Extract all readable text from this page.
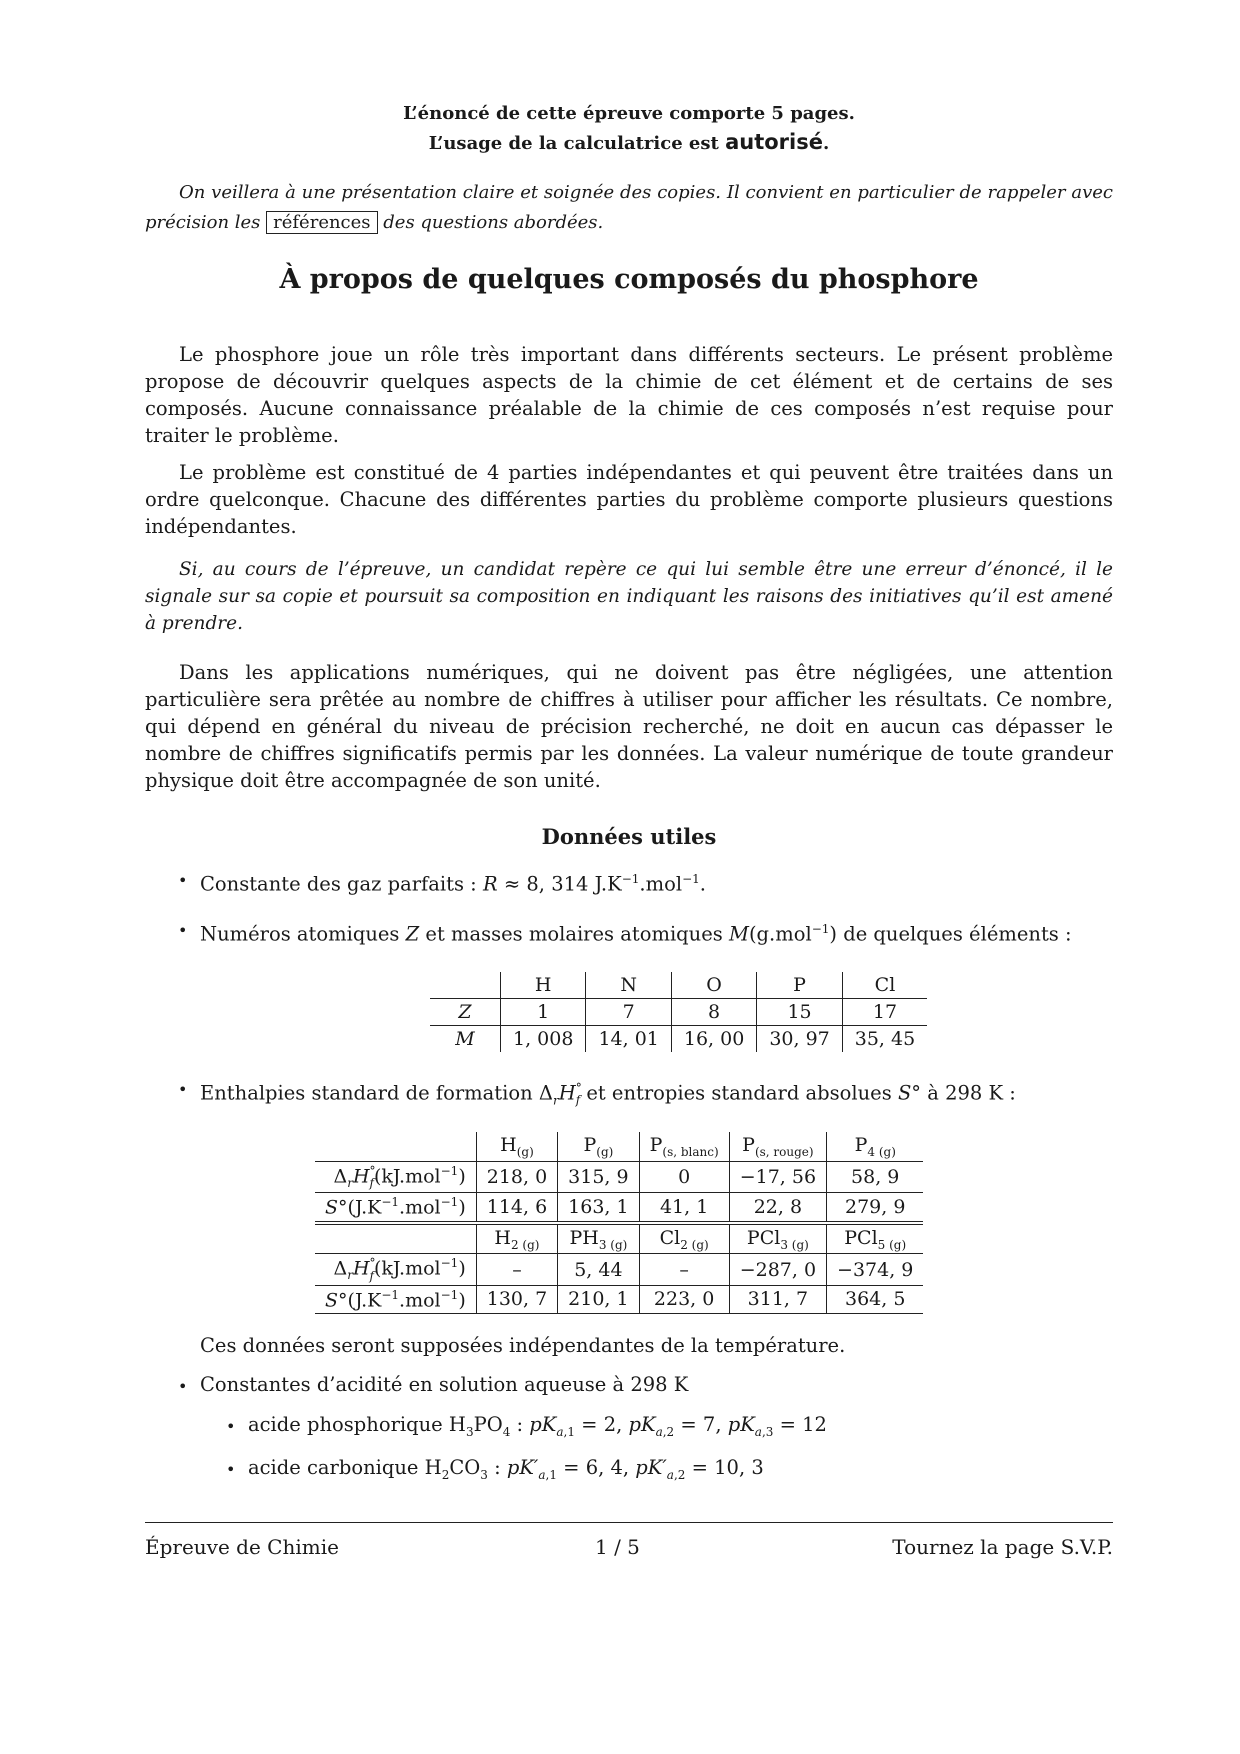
L’énoncé de cette épreuve comporte 5 pages.
L’usage de la calculatrice est autorisé.

On veillera à une présentation claire et soignée des copies. Il convient en particulier de rappeler avec précision les références des questions abordées.

À propos de quelques composés du phosphore

Le phosphore joue un rôle très important dans différents secteurs. Le présent problème propose de découvrir quelques aspects de la chimie de cet élément et de certains de ses composés. Aucune connaissance préalable de la chimie de ces composés n’est requise pour traiter le problème.

Le problème est constitué de 4 parties indépendantes et qui peuvent être traitées dans un ordre quelconque. Chacune des différentes parties du problème comporte plusieurs questions indépendantes.

Si, au cours de l’épreuve, un candidat repère ce qui lui semble être une erreur d’énoncé, il le signale sur sa copie et poursuit sa composition en indiquant les raisons des initiatives qu’il est amené à prendre.

Dans les applications numériques, qui ne doivent pas être négligées, une attention particulière sera prêtée au nombre de chiffres à utiliser pour afficher les résultats. Ce nombre, qui dépend en général du niveau de précision recherché, ne doit en aucun cas dépasser le nombre de chiffres significatifs permis par les données. La valeur numérique de toute grandeur physique doit être accompagnée de son unité.

Données utiles
• Constante des gaz parfaits : R ≈ 8, 314 $J.K^{-1}.mol^{-1}$.
• Numéros atomiques Z et masses molaires atomiques M(g.mol$^{-1}$) de quelques éléments :
	H	N	O	P	Cl
Z	1	7	8	15	17
M	1, 008	14, 01	16, 00	30, 97	35, 45
• Enthalpies standard de formation $\Delta_rH^\circ_f$ et entropies standard absolues S° à 298 K :
	$H_{(g)}$	$P_{(g)}$	$P_{(s, blanc)}$	$P_{(s, rouge)}$	$P_{4 (g)}$
$\Delta_rH^\circ_f(kJ.mol^{-1})$	218, 0	315, 9	0	−17, 56	58, 9
$S^\circ(J.K^{-1}.mol^{-1})$	114, 6	163, 1	41, 1	22, 8	279, 9
	$H_{2 (g)}$	$PH_{3 (g)}$	$Cl_{2 (g)}$	PCl$_{3 (g)}$	PCl$_{5 (g)}$
$\Delta_rH^\circ_f(kJ.mol^{-1})$	–	5, 44	–	−287, 0	−374, 9
$S^\circ(J.K^{-1}.mol^{-1})$	130, 7	210, 1	223, 0	311, 7	364, 5
Ces données seront supposées indépendantes de la température.
• Constantes d’acidité en solution aqueuse à 298 K
• acide phosphorique $H_3PO_4$ : $pK_{a,1} = 2$, $pK_{a,2} = 7$, $pK_{a,3} = 12$
• acide carbonique $H_2CO_3$ : $pK'_{a,1} = 6$, 4, $pK'_{a,2} = 10$, 3
Épreuve de Chimie	1 / 5	Tournez la page S.V.P.
